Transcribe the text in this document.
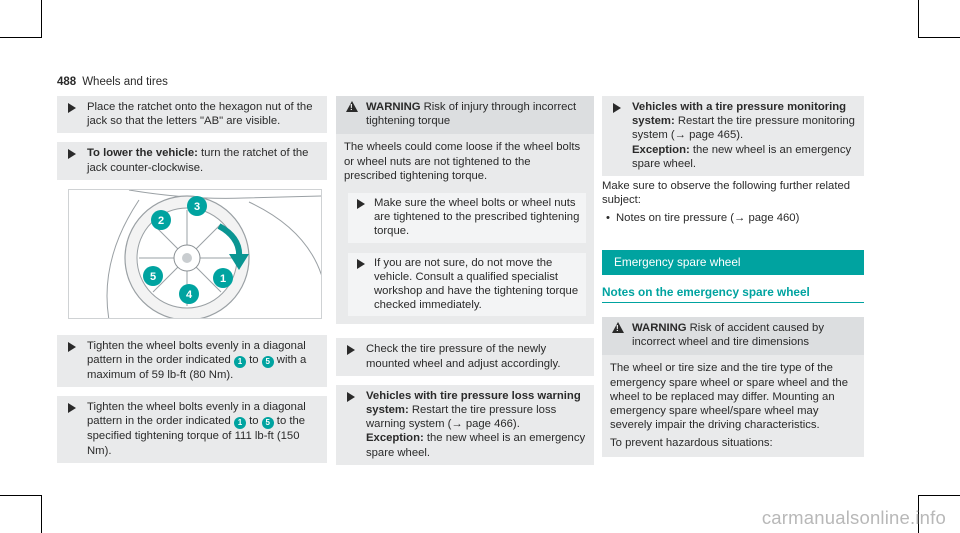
488 Wheels and tires
Place the ratchet onto the hexagon nut of the jack so that the letters "AB" are visible.
To lower the vehicle: turn the ratchet of the jack counter-clockwise.
2
3
1
5
4
Tighten the wheel bolts evenly in a diagonal pattern in the order indicated 1 to 5 with a maximum of 59 lb-ft (80 Nm).
Tighten the wheel bolts evenly in a diagonal pattern in the order indicated 1 to 5 to the specified tightening torque of 111 lb-ft (150 Nm).
!
WARNING Risk of injury through incorrect tightening torque
The wheels could come loose if the wheel bolts or wheel nuts are not tightened to the prescribed tightening torque.
Make sure the wheel bolts or wheel nuts are tightened to the prescribed tightening torque.
If you are not sure, do not move the vehicle. Consult a qualified specialist workshop and have the tightening torque checked immediately.
Check the tire pressure of the newly mounted wheel and adjust accordingly.
Vehicles with tire pressure loss warning system: Restart the tire pressure loss warning system (→ page 466).
Exception: the new wheel is an emergency spare wheel.
Vehicles with a tire pressure monitoring system: Restart the tire pressure monitoring system (→ page 465).
Exception: the new wheel is an emergency spare wheel.
Make sure to observe the following further related subject:
• Notes on tire pressure (→ page 460)
Emergency spare wheel
Notes on the emergency spare wheel
!
WARNING Risk of accident caused by incorrect wheel and tire dimensions
The wheel or tire size and the tire type of the emergency spare wheel or spare wheel and the wheel to be replaced may differ. Mounting an emergency spare wheel/spare wheel may severely impair the driving characteristics.
To prevent hazardous situations:
carmanualsonline.info
